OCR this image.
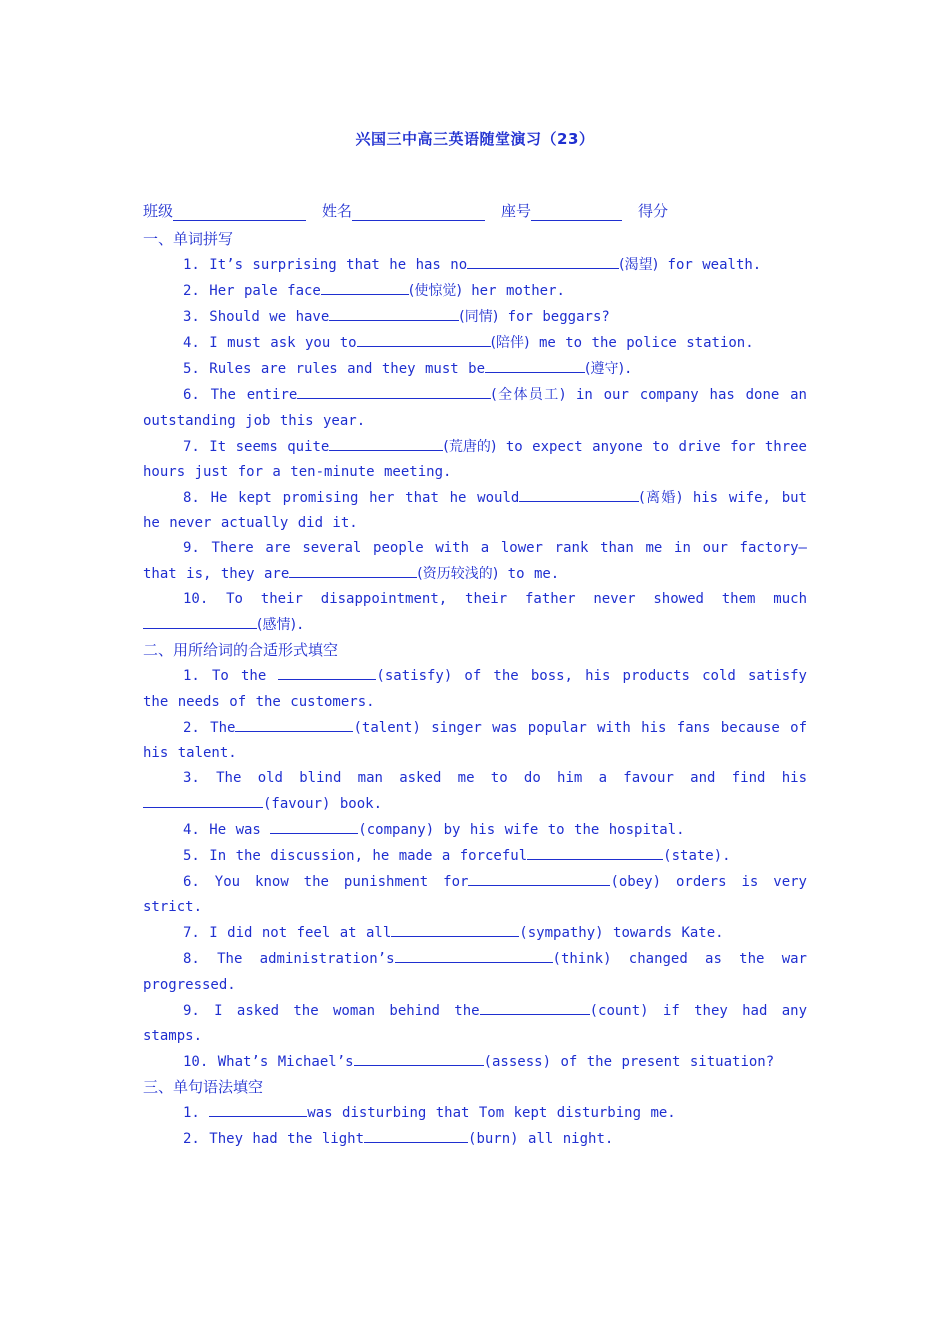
兴国三中高三英语随堂演习（23）
班级	姓名	座号	得分
一、单词拼写
1. It’s surprising that he has no	(渴望) for wealth.
2. Her pale face	(使惊觉) her mother.
3. Should we have	(同情) for beggars?
4. I must ask you to	(陪伴) me to the police station.
5. Rules are rules and they must be	(遵守).
6. The entire	(全体员工) in our company has done an outstanding job this year.
7. It seems quite	(荒唐的) to expect anyone to drive for three hours just for a ten-minute meeting.
8. He kept promising her that he would	(离婚) his wife, but he never actually did it.
9. There are several people with a lower rank than me in our factory—that is, they are	(资历较浅的) to me.
10. To their disappointment, their father never showed them much(感情).
二、用所给词的合适形式填空
1. To the	(satisfy) of the boss, his products cold satisfy the needs of the customers.
2. The	(talent) singer was popular with his fans because of his talent.
3. The old blind man asked me to do him a favour and find his (favour) book.
4. He was	(company) by his wife to the hospital.
5. In the discussion, he made a forceful	(state).
6. You know the punishment for	(obey) orders is very strict.
7. I did not feel at all	(sympathy) towards Kate.
8. The administration’s	(think) changed as the war progressed.
9. I asked the woman behind the	(count) if they had any stamps.
10. What’s Michael’s	(assess) of the present situation?
三、单句语法填空
1.	was disturbing that Tom kept disturbing me.
2. They had the light	(burn) all night.
